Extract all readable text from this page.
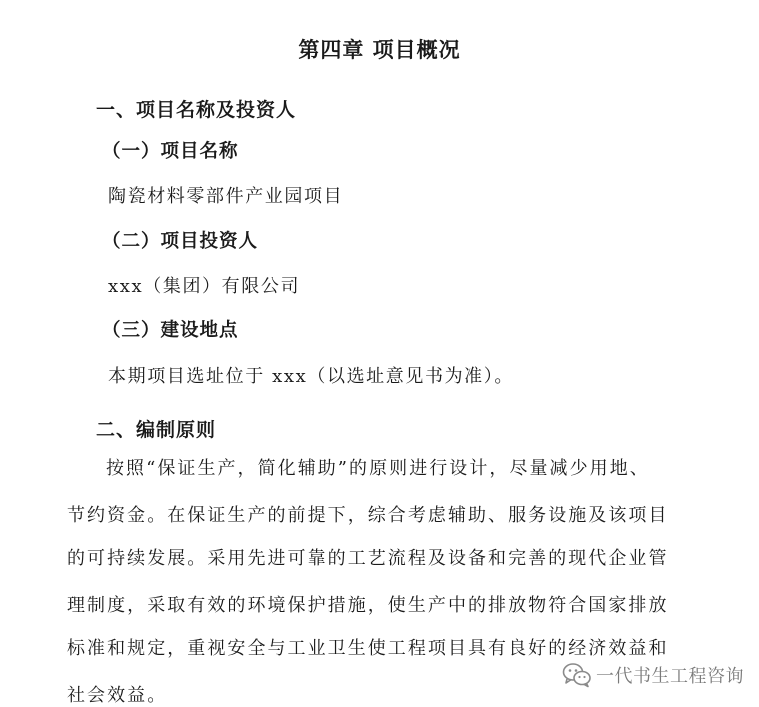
第四章 项目概况
一、项目名称及投资人
（一）项目名称
陶瓷材料零部件产业园项目
（二）项目投资人
xxx（集团）有限公司
（三）建设地点
本期项目选址位于 xxx（以选址意见书为准）。
二、编制原则
按照“保证生产，简化辅助”的原则进行设计，尽量减少用地、
节约资金。在保证生产的前提下，综合考虑辅助、服务设施及该项目
的可持续发展。采用先进可靠的工艺流程及设备和完善的现代企业管
理制度，采取有效的环境保护措施，使生产中的排放物符合国家排放
标准和规定，重视安全与工业卫生使工程项目具有良好的经济效益和
社会效益。
一代书生工程咨询
